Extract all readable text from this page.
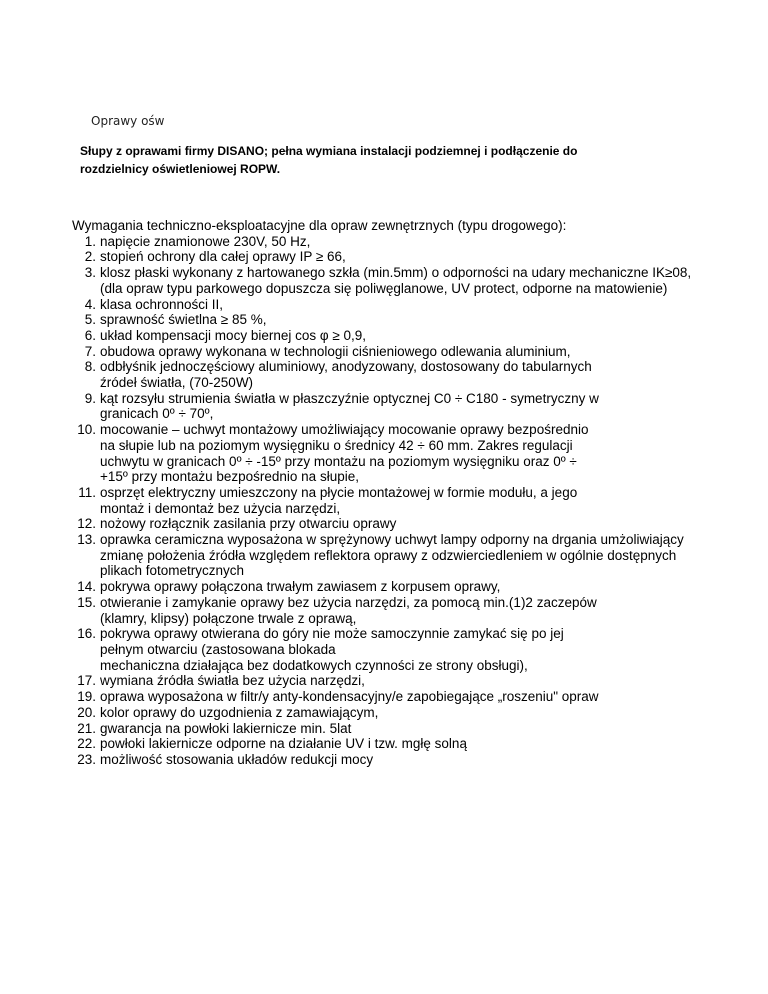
Oprawy ośw

Słupy z oprawami firmy DISANO; pełna wymiana instalacji podziemnej i podłączenie do
rozdzielnicy oświetleniowej ROPW.

Wymagania techniczno-eksploatacyjne dla opraw zewnętrznych (typu drogowego):

1. napięcie znamionowe 230V, 50 Hz,
2. stopień ochrony dla całej oprawy IP ≥ 66,
3. klosz płaski wykonany z hartowanego szkła (min.5mm) o odporności na udary mechaniczne IK≥08,
(dla opraw typu parkowego dopuszcza się poliwęglanowe, UV protect, odporne na matowienie)
4. klasa ochronności II,
5. sprawność świetlna ≥ 85 %,
6. układ kompensacji mocy biernej cos φ ≥ 0,9,
7. obudowa oprawy wykonana w technologii ciśnieniowego odlewania aluminium,
8. odbłyśnik jednoczęściowy aluminiowy, anodyzowany, dostosowany do tabularnych
źródeł światła, (70-250W)
9. kąt rozsyłu strumienia światła w płaszczyźnie optycznej C0 ÷ C180 - symetryczny w
granicach 0º ÷ 70º,
10. mocowanie – uchwyt montażowy umożliwiający mocowanie oprawy bezpośrednio
na słupie lub na poziomym wysięgniku o średnicy 42 ÷ 60 mm. Zakres regulacji
uchwytu w granicach 0º ÷ -15º przy montażu na poziomym wysięgniku oraz 0º ÷
+15º przy montażu bezpośrednio na słupie,
11. osprzęt elektryczny umieszczony na płycie montażowej w formie modułu, a jego
montaż i demontaż bez użycia narzędzi,
12. nożowy rozłącznik zasilania przy otwarciu oprawy
13. oprawka ceramiczna wyposażona w sprężynowy uchwyt lampy odporny na drgania umżoliwiający
zmianę położenia źródła względem reflektora oprawy z odzwierciedleniem w ogólnie dostępnych
plikach fotometrycznych
14. pokrywa oprawy połączona trwałym zawiasem z korpusem oprawy,
15. otwieranie i zamykanie oprawy bez użycia narzędzi, za pomocą min.(1)2 zaczepów
(klamry, klipsy) połączone trwale z oprawą,
16. pokrywa oprawy otwierana do góry nie może samoczynnie zamykać się po jej
pełnym otwarciu (zastosowana blokada
mechaniczna działająca bez dodatkowych czynności ze strony obsługi),
17. wymiana źródła światła bez użycia narzędzi,
19. oprawa wyposażona w filtr/y anty-kondensacyjny/e zapobiegające „roszeniu" opraw
20. kolor oprawy do uzgodnienia z zamawiającym,
21. gwarancja na powłoki lakiernicze min. 5lat
22. powłoki lakiernicze odporne na działanie UV i tzw. mgłę solną
23. możliwość stosowania układów redukcji mocy
